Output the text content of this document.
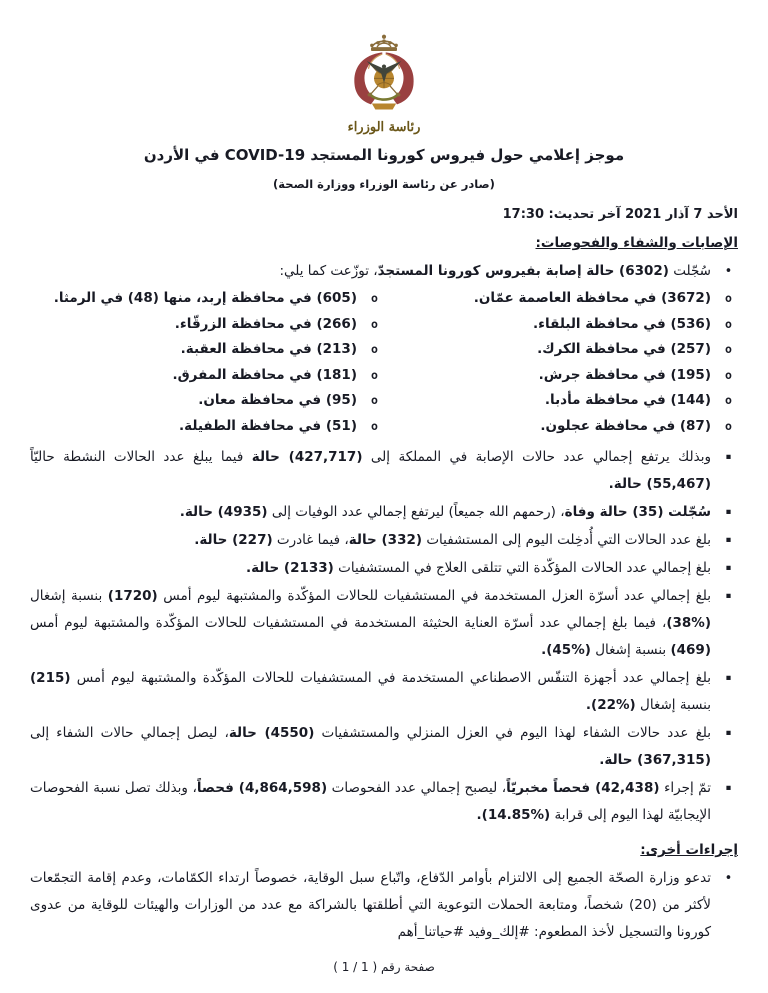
رئاسة الوزراء
موجز إعلامي حول فيروس كورونا المستجد COVID-19 في الأردن
(صادر عن رئاسة الوزراء ووزارة الصحة)
الأحد 7 آذار 2021 آخر تحديث: 17:30
الإصابات والشفاء والفحوصات:
•
سُجّلت (6302) حالة إصابة بفيروس كورونا المستجدّ، توزّعت كما يلي:
o
(3672) في محافظة العاصمة عمّان.
o
(605) في محافظة إربد، منها (48) في الرمثا.
o
(536) في محافظة البلقاء.
o
(266) في محافظة الزرقّاء.
o
(257) في محافظة الكرك.
o
(213) في محافظة العقبة.
o
(195) في محافظة جرش.
o
(181) في محافظة المفرق.
o
(144) في محافظة مأدبا.
o
(95) في محافظة معان.
o
(87) في محافظة عجلون.
o
(51) في محافظة الطفيلة.
▪
وبذلك يرتفع إجمالي عدد حالات الإصابة في المملكة إلى (427,717) حالة فيما يبلغ عدد الحالات النشطة حاليّاً (55,467) حالة.
▪
سُجّلت (35) حالة وفاة، (رحمهم الله جميعاً) ليرتفع إجمالي عدد الوفيات إلى (4935) حالة.
▪
بلغ عدد الحالات التي أُدخِلت اليوم إلى المستشفيات (332) حالة، فيما غادرت (227) حالة.
▪
بلغ إجمالي عدد الحالات المؤكّدة التي تتلقى العلاج في المستشفيات (2133) حالة.
▪
بلغ إجمالي عدد أسرّة العزل المستخدمة في المستشفيات للحالات المؤكّدة والمشتبهة ليوم أمس (1720) بنسبة إشغال (%38)، فيما بلغ إجمالي عدد أسرّة العناية الحثيثة المستخدمة في المستشفيات للحالات المؤكّدة والمشتبهة ليوم أمس (469) بنسبة إشغال (%45).
▪
بلغ إجمالي عدد أجهزة التنفّس الاصطناعي المستخدمة في المستشفيات للحالات المؤكّدة والمشتبهة ليوم أمس (215) بنسبة إشغال (%22).
▪
بلغ عدد حالات الشفاء لهذا اليوم في العزل المنزلي والمستشفيات (4550) حالة، ليصل إجمالي حالات الشفاء إلى (367,315) حالة.
▪
تمّ إجراء (42,438) فحصاً مخبريّاً، ليصبح إجمالي عدد الفحوصات (4,864,598) فحصاً، وبذلك تصل نسبة الفحوصات الإيجابيّة لهذا اليوم إلى قرابة (%14.85).
إجراءات أخرى:
•
تدعو وزارة الصحّة الجميع إلى الالتزام بأوامر الدّفاع، واتّباع سبل الوقاية، خصوصاً ارتداء الكمّامات، وعدم إقامة التجمّعات لأكثر من (20) شخصاً، ومتابعة الحملات التوعوية التي أطلقتها بالشراكة مع عدد من الوزارات والهيئات للوقاية من عدوى كورونا والتسجيل لأخذ المطعوم: #إلك_وفيد #حياتنا_أهم
صفحة رقم ( 1 / 1 )
